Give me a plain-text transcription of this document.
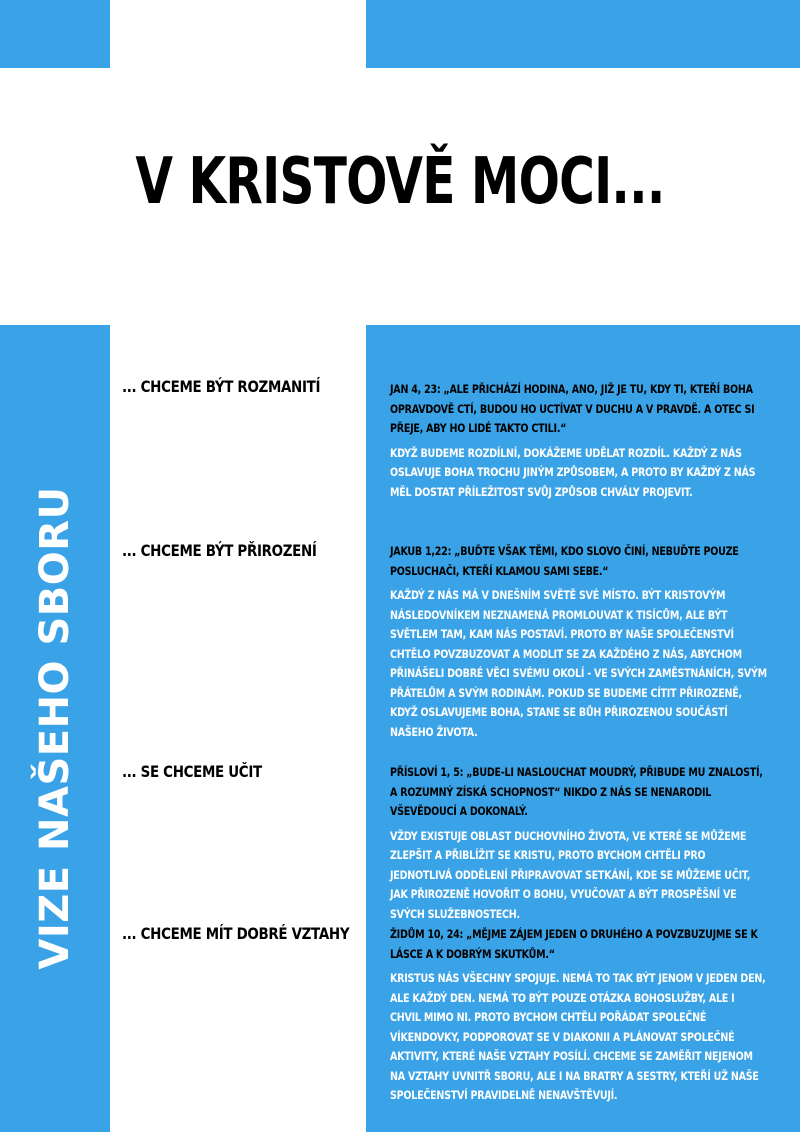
V KRISTOVĚ MOCI...
VIZE NAŠEHO SBORU
... CHCEME BÝT ROZMANITÍ	JAN 4, 23: „ALE PŘICHÁZÍ HODINA, ANO, JIŽ JE TU, KDY TI, KTEŘÍ BOHA OPRAVDOVĚ CTÍ, BUDOU HO UCTÍVAT V DUCHU A V PRAVDĚ. A OTEC SI PŘEJE, ABY HO LIDÉ TAKTO CTILI.“

KDYŽ BUDEME ROZDÍLNÍ, DOKÁŽEME UDĚLAT ROZDÍL. KAŽDÝ Z NÁS OSLAVUJE BOHA TROCHU JINÝM ZPŮSOBEM, A PROTO BY KAŽDÝ Z NÁS MĚL DOSTAT PŘÍLEŽITOST SVŮJ ZPŮSOB CHVÁLY PROJEVIT.

... CHCEME BÝT PŘIROZENÍ	JAKUB 1,22: „BUĎTE VŠAK TĚMI, KDO SLOVO ČINÍ, NEBUĎTE POUZE POSLUCHAČI, KTEŘÍ KLAMOU SAMI SEBE.“

KAŽDÝ Z NÁS MÁ V DNEŠNÍM SVĚTĚ SVÉ MÍSTO. BÝT KRISTOVÝM NÁSLEDOVNÍKEM NEZNAMENÁ PROMLOUVAT K TISÍCŮM, ALE BÝT SVĚTLEM TAM, KAM NÁS POSTAVÍ. PROTO BY NAŠE SPOLEČENSTVÍ CHTĚLO POVZBUZOVAT A MODLIT SE ZA KAŽDÉHO Z NÁS, ABYCHOM PŘINÁŠELI DOBRÉ VĚCI SVÉMU OKOLÍ - VE SVÝCH ZAMĚSTNÁNÍCH, SVÝM PŘÁTELŮM A SVÝM RODINÁM. POKUD SE BUDEME CÍTIT PŘIROZENĚ, KDYŽ OSLAVUJEME BOHA, STANE SE BŮH PŘIROZENOU SOUČÁSTÍ NAŠEHO ŽIVOTA.

... SE CHCEME UČIT	PŘÍSLOVÍ 1, 5: „BUDE-LI NASLOUCHAT MOUDRÝ, PŘIBUDE MU ZNALOSTÍ, A ROZUMNÝ ZÍSKÁ SCHOPNOST“ NIKDO Z NÁS SE NENARODIL VŠEVĚDOUCÍ A DOKONALÝ.

VŽDY EXISTUJE OBLAST DUCHOVNÍHO ŽIVOTA, VE KTERÉ SE MŮŽEME ZLEPŠIT A PŘIBLÍŽIT SE KRISTU, PROTO BYCHOM CHTĚLI PRO JEDNOTLIVÁ ODDĚLENÍ PŘIPRAVOVAT SETKÁNÍ, KDE SE MŮŽEME UČIT, JAK PŘIROZENĚ HOVOŘIT O BOHU, VYUČOVAT A BÝT PROSPĚŠNÍ VE SVÝCH SLUŽEBNOSTECH.

... CHCEME MÍT DOBRÉ VZTAHY	ŽIDŮM 10, 24: „MĚJME ZÁJEM JEDEN O DRUHÉHO A POVZBUZUJME SE K LÁSCE A K DOBRÝM SKUTKŮM.“

KRISTUS NÁS VŠECHNY SPOJUJE. NEMÁ TO TAK BÝT JENOM V JEDEN DEN, ALE KAŽDÝ DEN. NEMÁ TO BÝT POUZE OTÁZKA BOHOSLUŽBY, ALE I CHVIL MIMO NI. PROTO BYCHOM CHTĚLI POŘÁDAT SPOLEČNÉ VÍKENDOVKY, PODPOROVAT SE V DIAKONII A PLÁNOVAT SPOLEČNÉ AKTIVITY, KTERÉ NAŠE VZTAHY POSÍLÍ. CHCEME SE ZAMĚŘIT NEJENOM NA VZTAHY UVNITŘ SBORU, ALE I NA BRATRY A SESTRY, KTEŘÍ UŽ NAŠE SPOLEČENSTVÍ PRAVIDELNĚ NENAVŠTĚVUJÍ.
